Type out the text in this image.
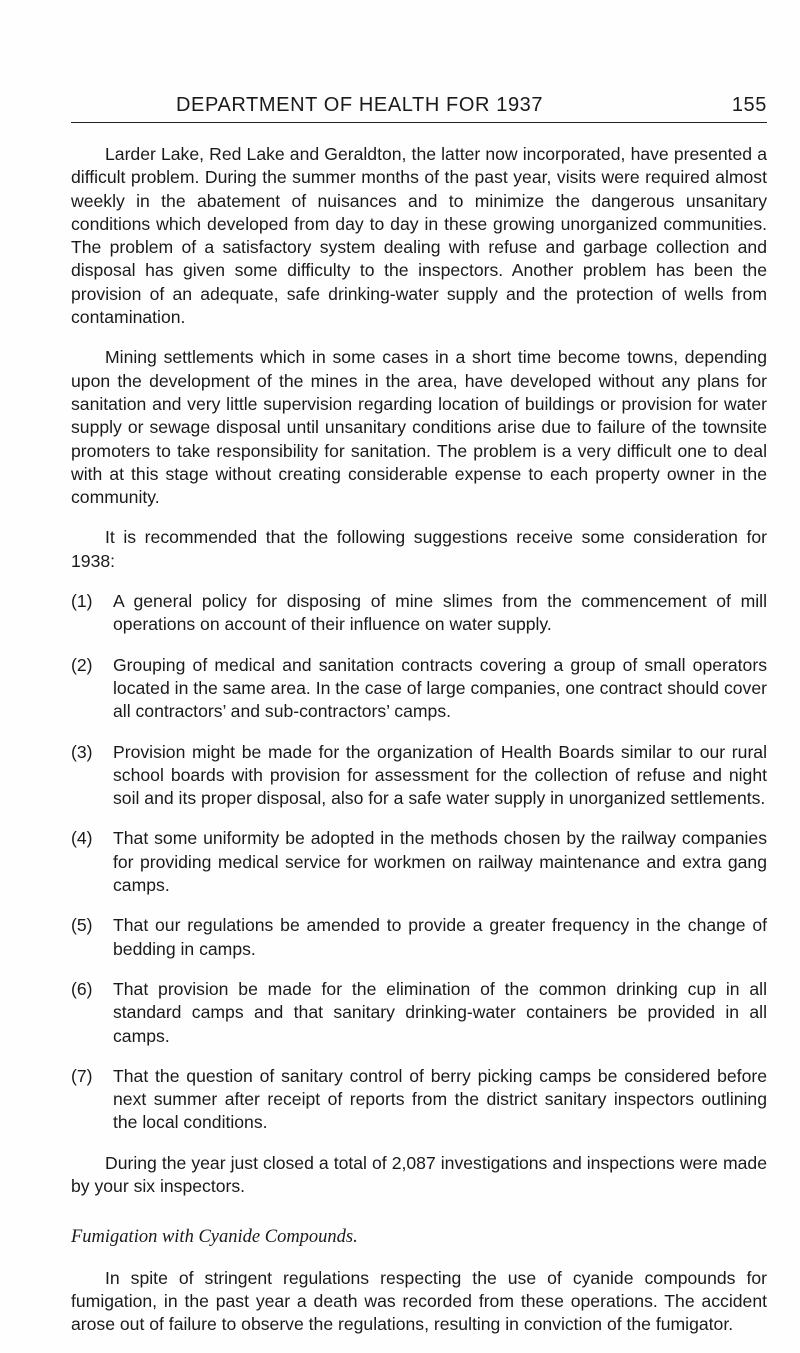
DEPARTMENT OF HEALTH FOR 1937	155

Larder Lake, Red Lake and Geraldton, the latter now incorporated, have presented a difficult problem. During the summer months of the past year, visits were required almost weekly in the abatement of nuisances and to minimize the dangerous unsanitary conditions which developed from day to day in these growing unorganized communities. The problem of a satisfactory system dealing with refuse and garbage collection and disposal has given some difficulty to the inspectors. Another problem has been the provision of an adequate, safe drinking-water supply and the protection of wells from contamination.

Mining settlements which in some cases in a short time become towns, depending upon the development of the mines in the area, have developed without any plans for sanitation and very little supervision regarding location of buildings or provision for water supply or sewage disposal until unsanitary conditions arise due to failure of the townsite promoters to take responsibility for sanitation. The problem is a very difficult one to deal with at this stage without creating considerable expense to each property owner in the community.

It is recommended that the following suggestions receive some consideration for 1938:

(1)	A general policy for disposing of mine slimes from the commencement of mill operations on account of their influence on water supply.
(2)	Grouping of medical and sanitation contracts covering a group of small operators located in the same area. In the case of large companies, one contract should cover all contractors’ and sub-contractors’ camps.
(3)	Provision might be made for the organization of Health Boards similar to our rural school boards with provision for assessment for the collection of refuse and night soil and its proper disposal, also for a safe water supply in unorganized settlements.
(4)	That some uniformity be adopted in the methods chosen by the railway companies for providing medical service for workmen on railway maintenance and extra gang camps.
(5)	That our regulations be amended to provide a greater frequency in the change of bedding in camps.
(6)	That provision be made for the elimination of the common drinking cup in all standard camps and that sanitary drinking-water containers be provided in all camps.
(7)	That the question of sanitary control of berry picking camps be considered before next summer after receipt of reports from the district sanitary inspectors outlining the local conditions.

During the year just closed a total of 2,087 investigations and inspections were made by your six inspectors.

Fumigation with Cyanide Compounds.

In spite of stringent regulations respecting the use of cyanide compounds for fumigation, in the past year a death was recorded from these operations. The accident arose out of failure to observe the regulations, resulting in conviction of the fumigator.
